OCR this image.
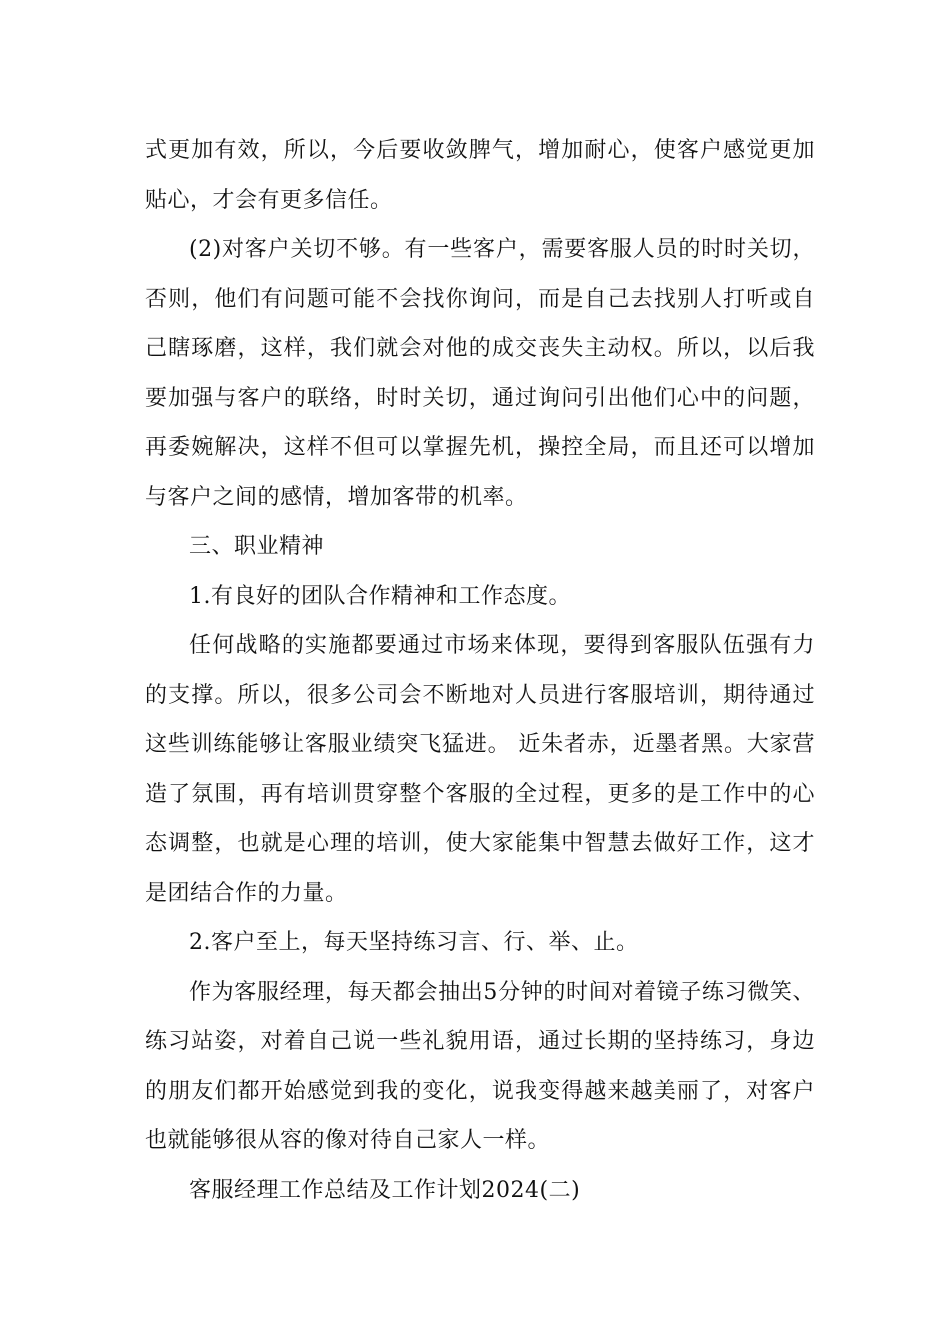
式更加有效，所以，今后要收敛脾气，增加耐心，使客户感觉更加贴心，才会有更多信任。

(2)对客户关切不够。有一些客户，需要客服人员的时时关切，否则，他们有问题可能不会找你询问，而是自己去找别人打听或自己瞎琢磨，这样，我们就会对他的成交丧失主动权。所以，以后我要加强与客户的联络，时时关切，通过询问引出他们心中的问题，再委婉解决，这样不但可以掌握先机，操控全局，而且还可以增加与客户之间的感情，增加客带的机率。

三、职业精神

1.有良好的团队合作精神和工作态度。

任何战略的实施都要通过市场来体现，要得到客服队伍强有力的支撑。所以，很多公司会不断地对人员进行客服培训，期待通过这些训练能够让客服业绩突飞猛进。 近朱者赤，近墨者黑。大家营造了氛围，再有培训贯穿整个客服的全过程，更多的是工作中的心态调整，也就是心理的培训，使大家能集中智慧去做好工作，这才是团结合作的力量。

2.客户至上，每天坚持练习言、行、举、止。

作为客服经理，每天都会抽出5分钟的时间对着镜子练习微笑、练习站姿，对着自己说一些礼貌用语，通过长期的坚持练习，身边的朋友们都开始感觉到我的变化，说我变得越来越美丽了，对客户也就能够很从容的像对待自己家人一样。

客服经理工作总结及工作计划2024(二)
